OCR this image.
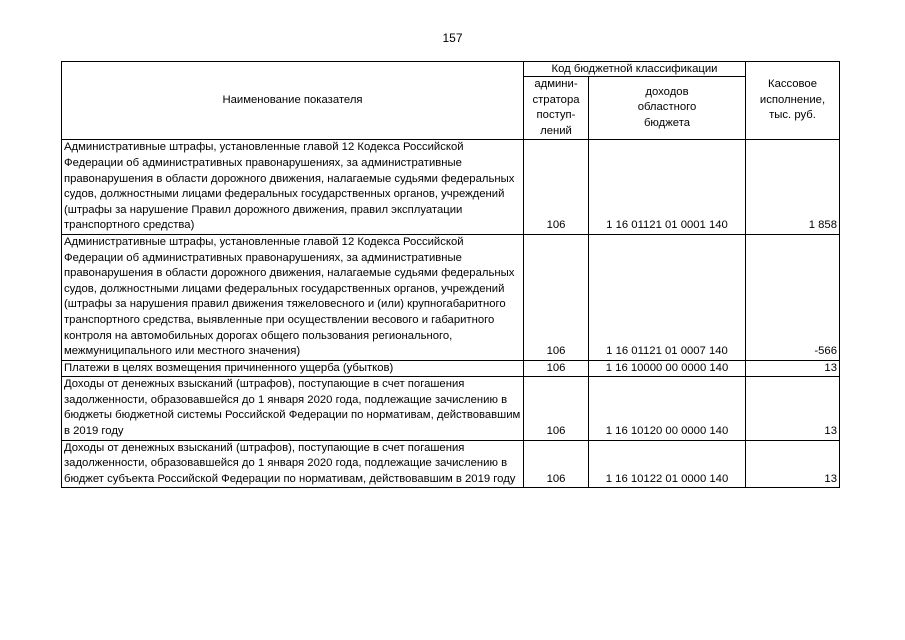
157
Наименование показателя	Код бюджетной классификации		Кассовое исполнение, тыс. руб.
	админи-стратора поступ-лений	доходов областного бюджета	
Административные штрафы, установленные главой 12 Кодекса Российской Федерации об административных правонарушениях, за административные правонарушения в области дорожного движения, налагаемые судьями федеральных судов, должностными лицами федеральных государственных органов, учреждений (штрафы за нарушение Правил дорожного движения, правил эксплуатации транспортного средства)	106	1 16 01121 01 0001 140	1 858
Административные штрафы, установленные главой 12 Кодекса Российской Федерации об административных правонарушениях, за административные правонарушения в области дорожного движения, налагаемые судьями федеральных судов, должностными лицами федеральных государственных органов, учреждений (штрафы за нарушения правил движения тяжеловесного и (или) крупногабаритного транспортного средства, выявленные при осуществлении весового и габаритного контроля на автомобильных дорогах общего пользования регионального, межмуниципального или местного значения)	106	1 16 01121 01 0007 140	-566
Платежи в целях возмещения причиненного ущерба (убытков)	106	1 16 10000 00 0000 140	13
Доходы от денежных взысканий (штрафов), поступающие в счет погашения задолженности, образовавшейся до 1 января 2020 года, подлежащие зачислению в бюджеты бюджетной системы Российской Федерации по нормативам, действовавшим в 2019 году	106	1 16 10120 00 0000 140	13
Доходы от денежных взысканий (штрафов), поступающие в счет погашения задолженности, образовавшейся до 1 января 2020 года, подлежащие зачислению в бюджет субъекта Российской Федерации по нормативам, действовавшим в 2019 году	106	1 16 10122 01 0000 140	13
